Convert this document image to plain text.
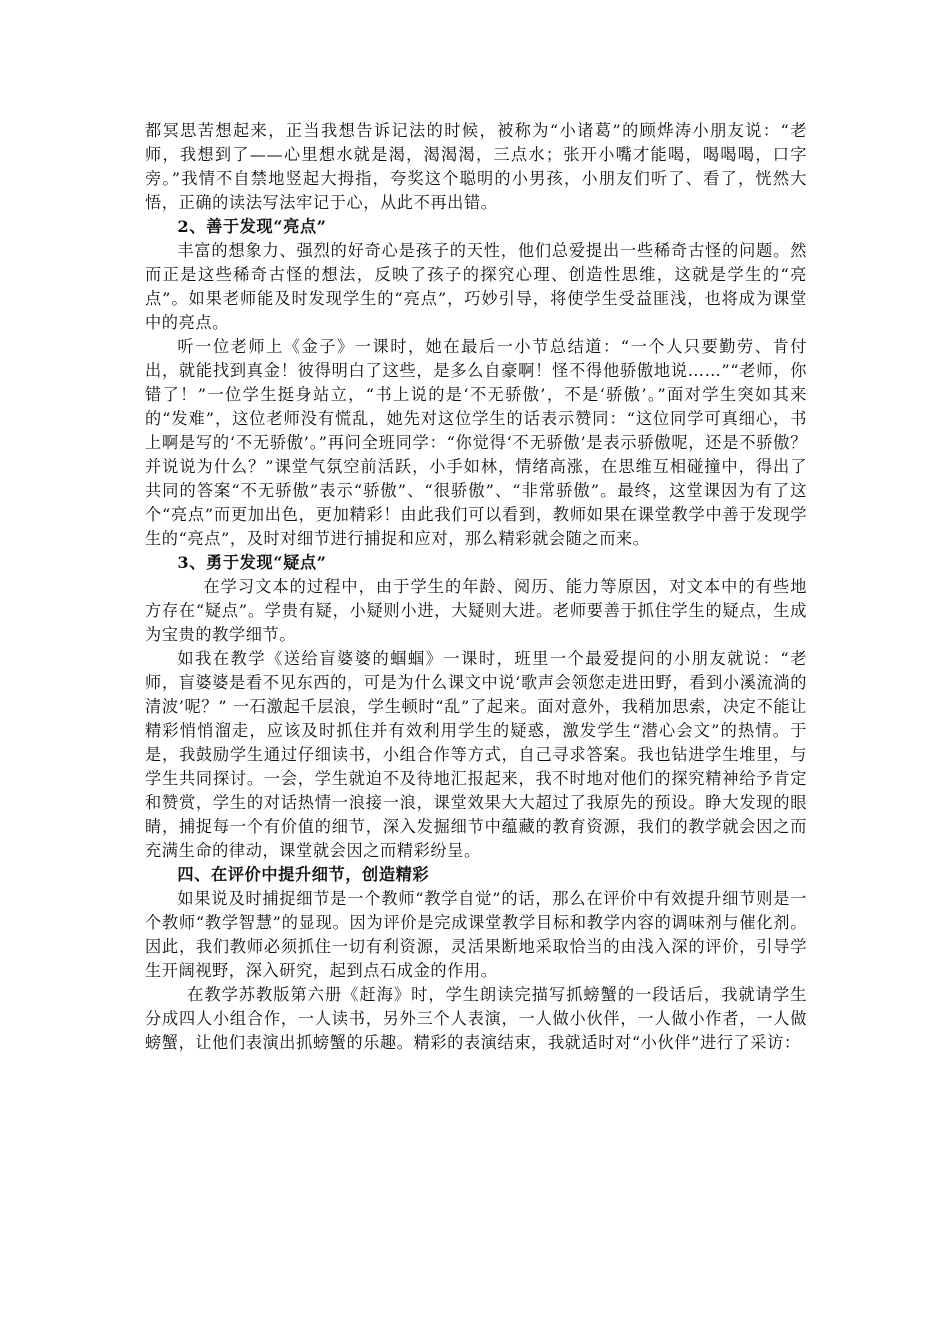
都冥思苦想起来，正当我想告诉记法的时候，被称为“小诸葛”的顾烨涛小朋友说：“老师，我想到了——心里想水就是渴，渴渴渴，三点水；张开小嘴才能喝，喝喝喝，口字旁。”我情不自禁地竖起大拇指，夸奖这个聪明的小男孩，小朋友们听了、看了，恍然大悟，正确的读法写法牢记于心，从此不再出错。

2、善于发现“亮点”

丰富的想象力、强烈的好奇心是孩子的天性，他们总爱提出一些稀奇古怪的问题。然而正是这些稀奇古怪的想法，反映了孩子的探究心理、创造性思维，这就是学生的“亮点”。如果老师能及时发现学生的“亮点”，巧妙引导，将使学生受益匪浅，也将成为课堂中的亮点。

听一位老师上《金子》一课时，她在最后一小节总结道：“一个人只要勤劳、肯付出，就能找到真金！彼得明白了这些，是多么自豪啊！怪不得他骄傲地说……”“老师，你错了！”一位学生挺身站立，“书上说的是‘不无骄傲’，不是‘骄傲’。”面对学生突如其来的“发难”，这位老师没有慌乱，她先对这位学生的话表示赞同：“这位同学可真细心，书上啊是写的‘不无骄傲’。”再问全班同学：“你觉得‘不无骄傲’是表示骄傲呢，还是不骄傲？并说说为什么？”课堂气氛空前活跃，小手如林，情绪高涨，在思维互相碰撞中，得出了共同的答案“不无骄傲”表示“骄傲”、“很骄傲”、“非常骄傲”。最终，这堂课因为有了这个“亮点”而更加出色，更加精彩！由此我们可以看到，教师如果在课堂教学中善于发现学生的“亮点”，及时对细节进行捕捉和应对，那么精彩就会随之而来。

3、勇于发现“疑点”

在学习文本的过程中，由于学生的年龄、阅历、能力等原因，对文本中的有些地方存在“疑点”。学贵有疑，小疑则小进，大疑则大进。老师要善于抓住学生的疑点，生成为宝贵的教学细节。

如我在教学《送给盲婆婆的蝈蝈》一课时，班里一个最爱提问的小朋友就说：“老师，盲婆婆是看不见东西的，可是为什么课文中说‘歌声会领您走进田野，看到小溪流淌的清波’呢？” 一石激起千层浪，学生顿时“乱”了起来。面对意外，我稍加思索，决定不能让精彩悄悄溜走，应该及时抓住并有效利用学生的疑惑，激发学生“潜心会文”的热情。于是，我鼓励学生通过仔细读书，小组合作等方式，自己寻求答案。我也钻进学生堆里，与学生共同探讨。一会，学生就迫不及待地汇报起来，我不时地对他们的探究精神给予肯定和赞赏，学生的对话热情一浪接一浪，课堂效果大大超过了我原先的预设。睁大发现的眼睛，捕捉每一个有价值的细节，深入发掘细节中蕴藏的教育资源，我们的教学就会因之而充满生命的律动，课堂就会因之而精彩纷呈。

四、在评价中提升细节，创造精彩

如果说及时捕捉细节是一个教师“教学自觉”的话，那么在评价中有效提升细节则是一个教师“教学智慧”的显现。因为评价是完成课堂教学目标和教学内容的调味剂与催化剂。因此，我们教师必须抓住一切有利资源，灵活果断地采取恰当的由浅入深的评价，引导学生开阔视野，深入研究，起到点石成金的作用。

在教学苏教版第六册《赶海》时，学生朗读完描写抓螃蟹的一段话后，我就请学生分成四人小组合作，一人读书，另外三个人表演，一人做小伙伴，一人做小作者，一人做螃蟹，让他们表演出抓螃蟹的乐趣。精彩的表演结束，我就适时对“小伙伴”进行了采访：
